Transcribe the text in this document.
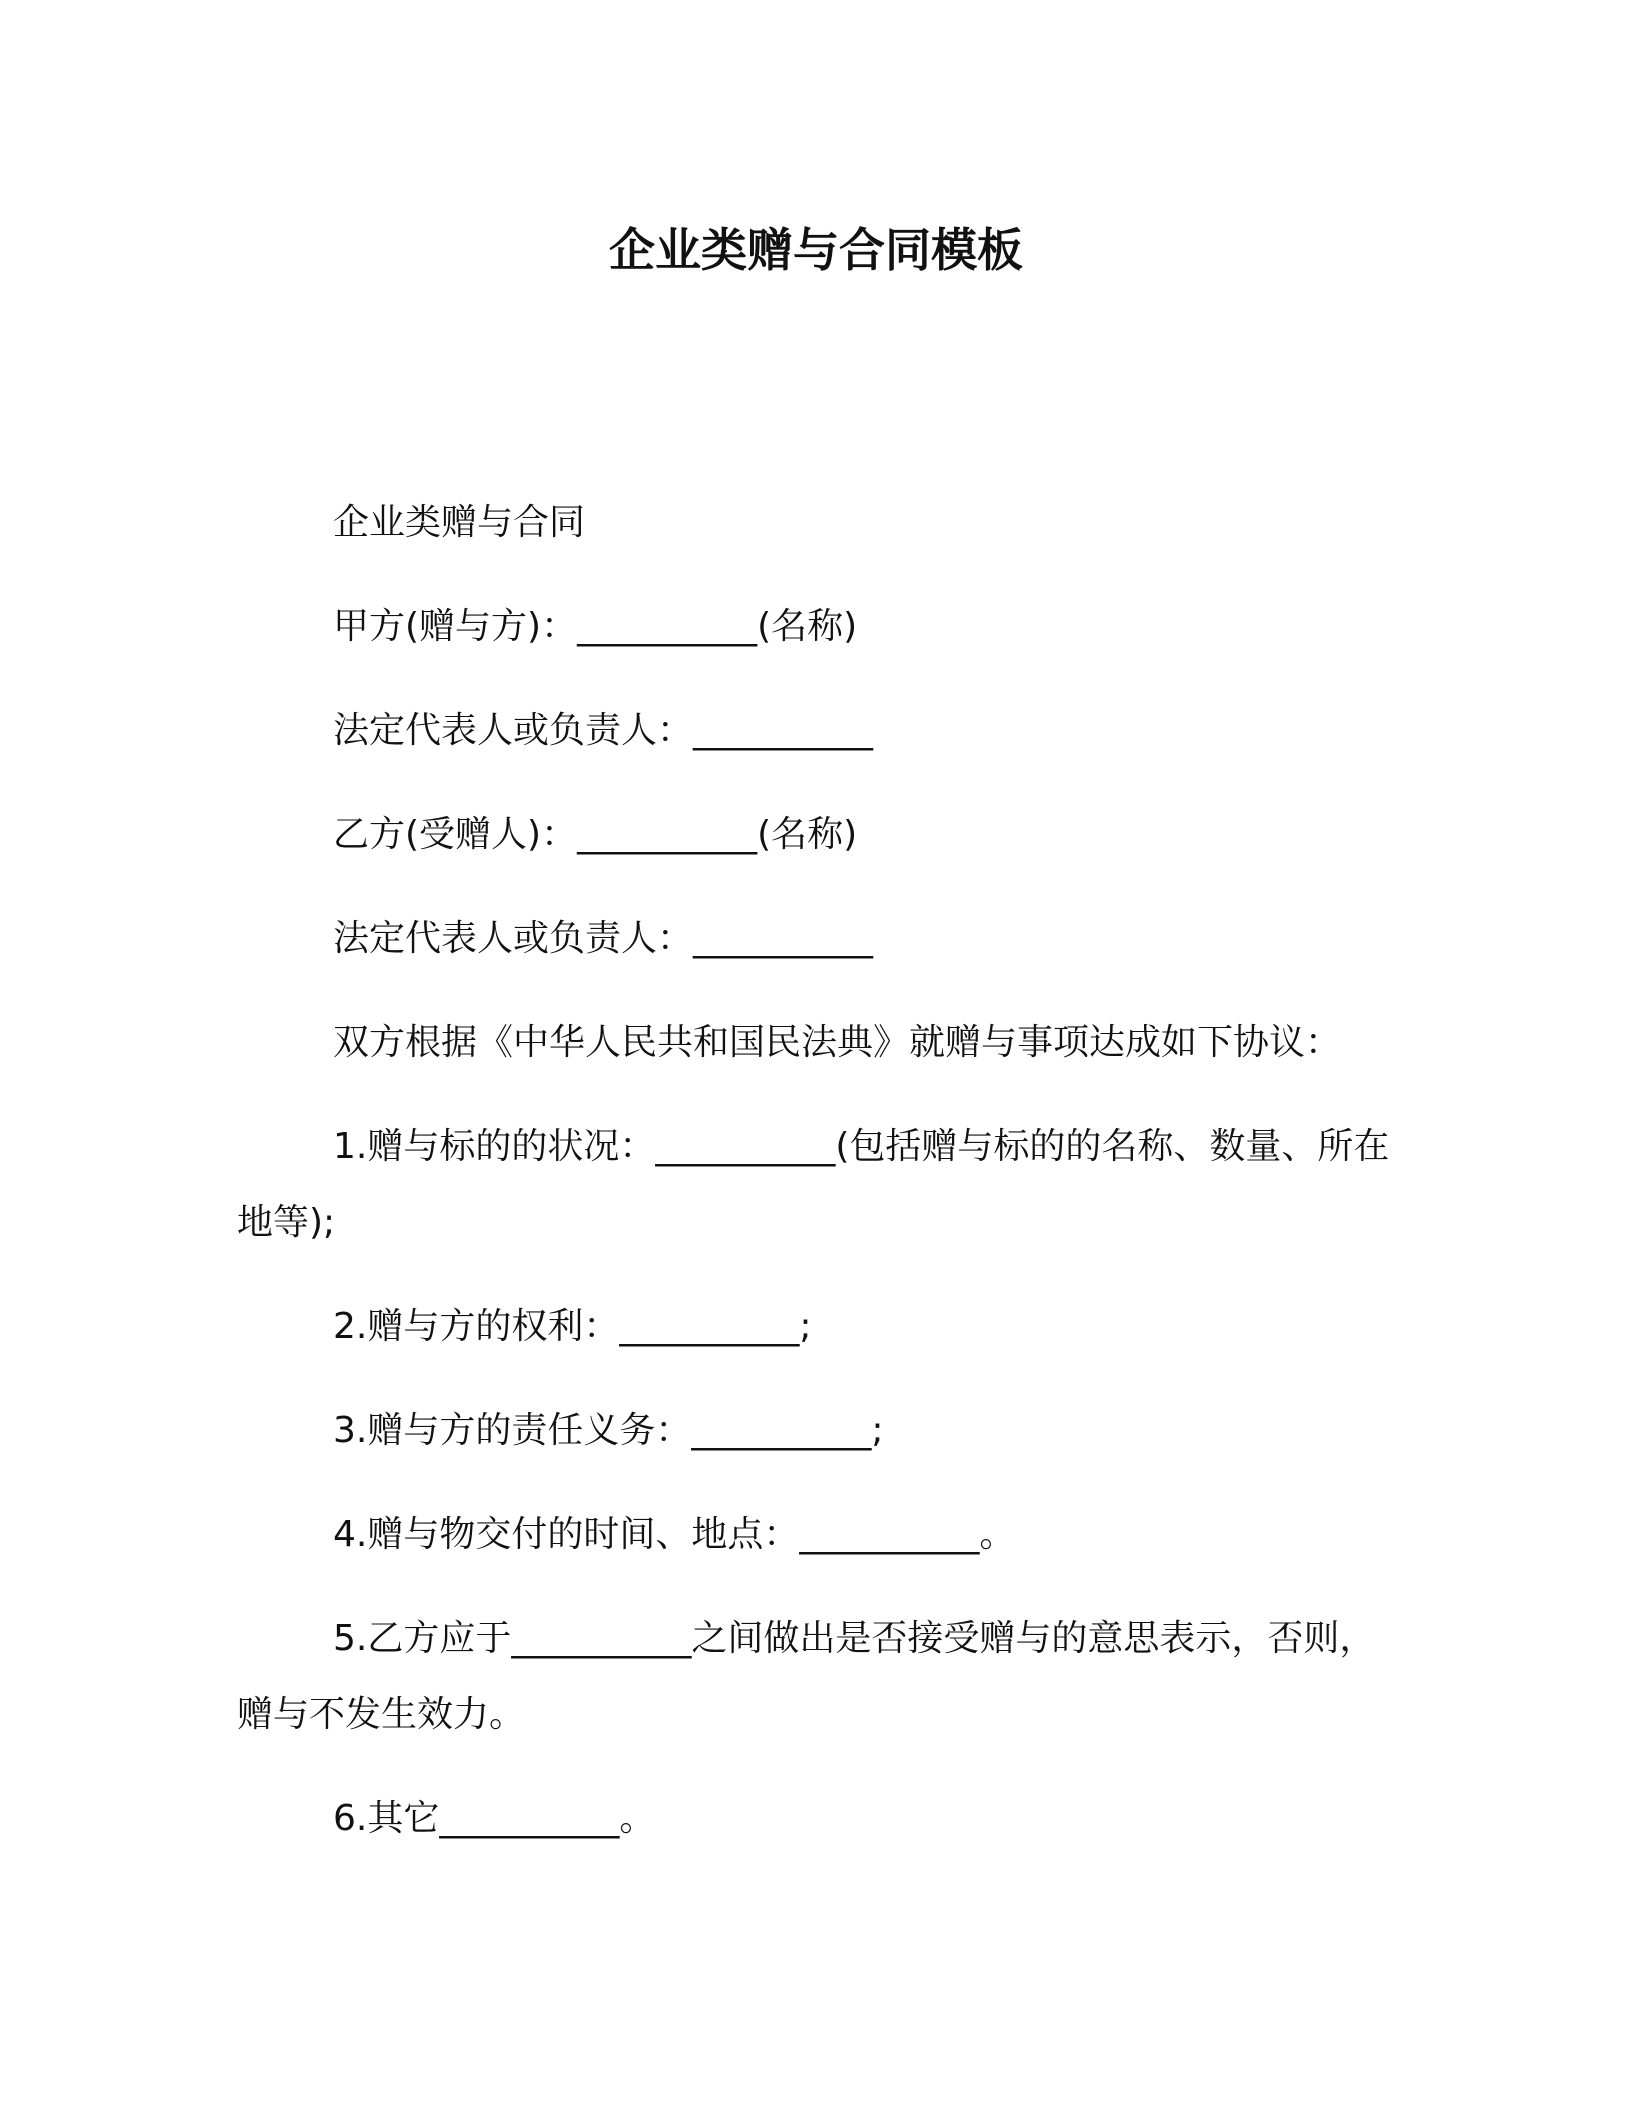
企业类赠与合同模板

企业类赠与合同

甲方(赠与方)：__________(名称)

法定代表人或负责人：__________

乙方(受赠人)：__________(名称)

法定代表人或负责人：__________

双方根据《中华人民共和国民法典》就赠与事项达成如下协议：

1.赠与标的的状况：__________(包括赠与标的的名称、数量、所在地等);

2.赠与方的权利：__________;

3.赠与方的责任义务：__________;

4.赠与物交付的时间、地点：__________。

5.乙方应于__________之间做出是否接受赠与的意思表示，否则，赠与不发生效力。

6.其它__________。
